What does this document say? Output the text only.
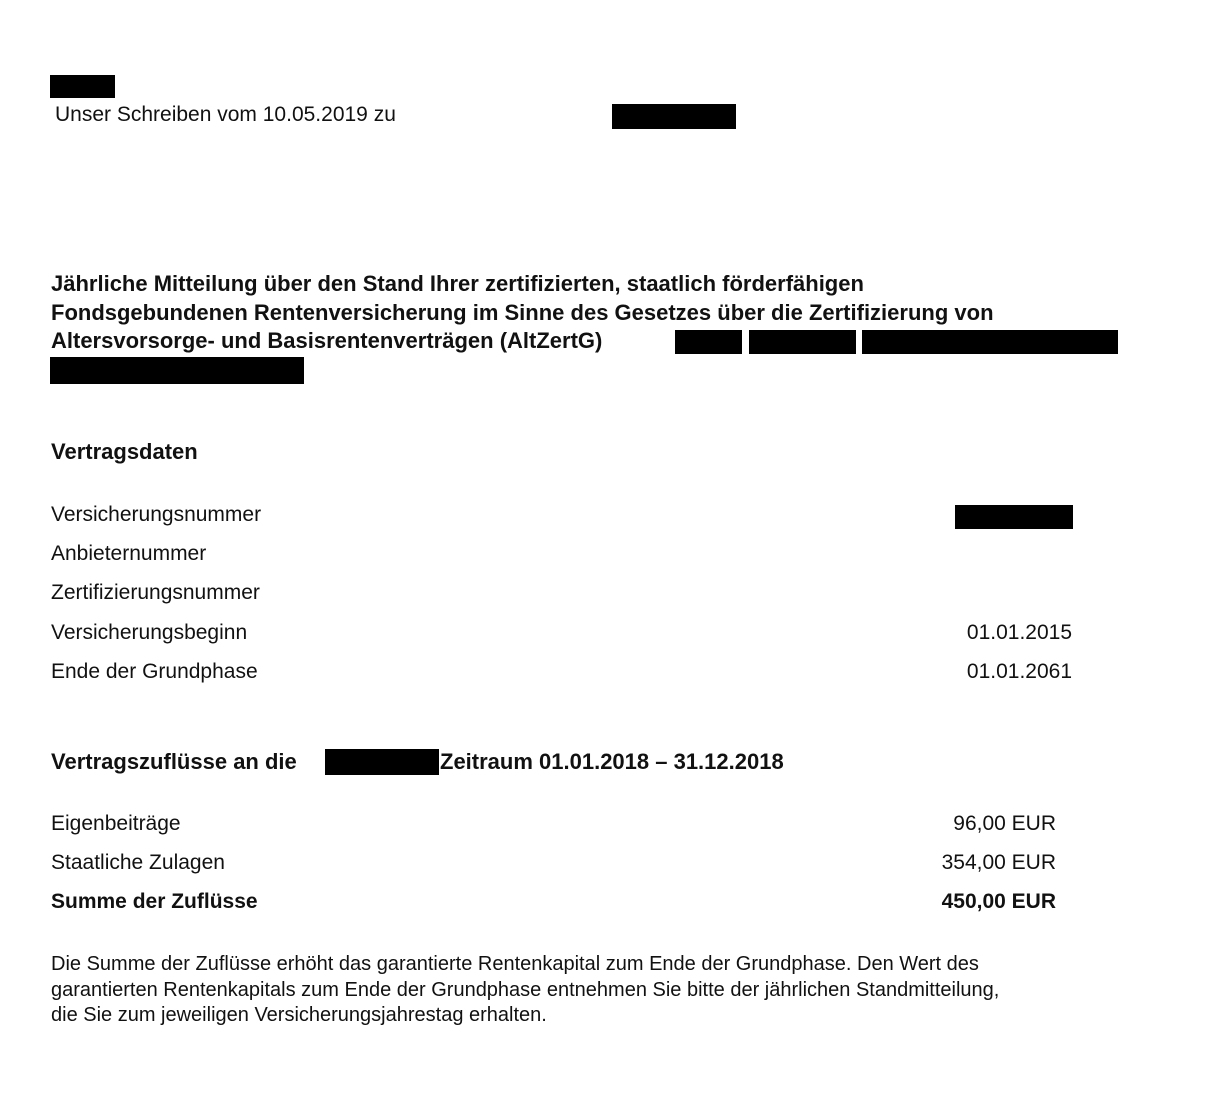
Unser Schreiben vom 10.05.2019 zu
Jährliche Mitteilung über den Stand Ihrer zertifizierten, staatlich förderfähigen
Fondsgebundenen Rentenversicherung im Sinne des Gesetzes über die Zertifizierung von
Altersvorsorge- und Basisrentenverträgen (AltZertG)
Vertragsdaten
Versicherungsnummer
Anbieternummer
Zertifizierungsnummer
Versicherungsbeginn	01.01.2015
Ende der Grundphase	01.01.2061
Vertragszuflüsse an die	Zeitraum 01.01.2018 – 31.12.2018
Eigenbeiträge	96,00 EUR
Staatliche Zulagen	354,00 EUR
Summe der Zuflüsse	450,00 EUR
Die Summe der Zuflüsse erhöht das garantierte Rentenkapital zum Ende der Grundphase. Den Wert des
garantierten Rentenkapitals zum Ende der Grundphase entnehmen Sie bitte der jährlichen Standmitteilung,
die Sie zum jeweiligen Versicherungsjahrestag erhalten.
